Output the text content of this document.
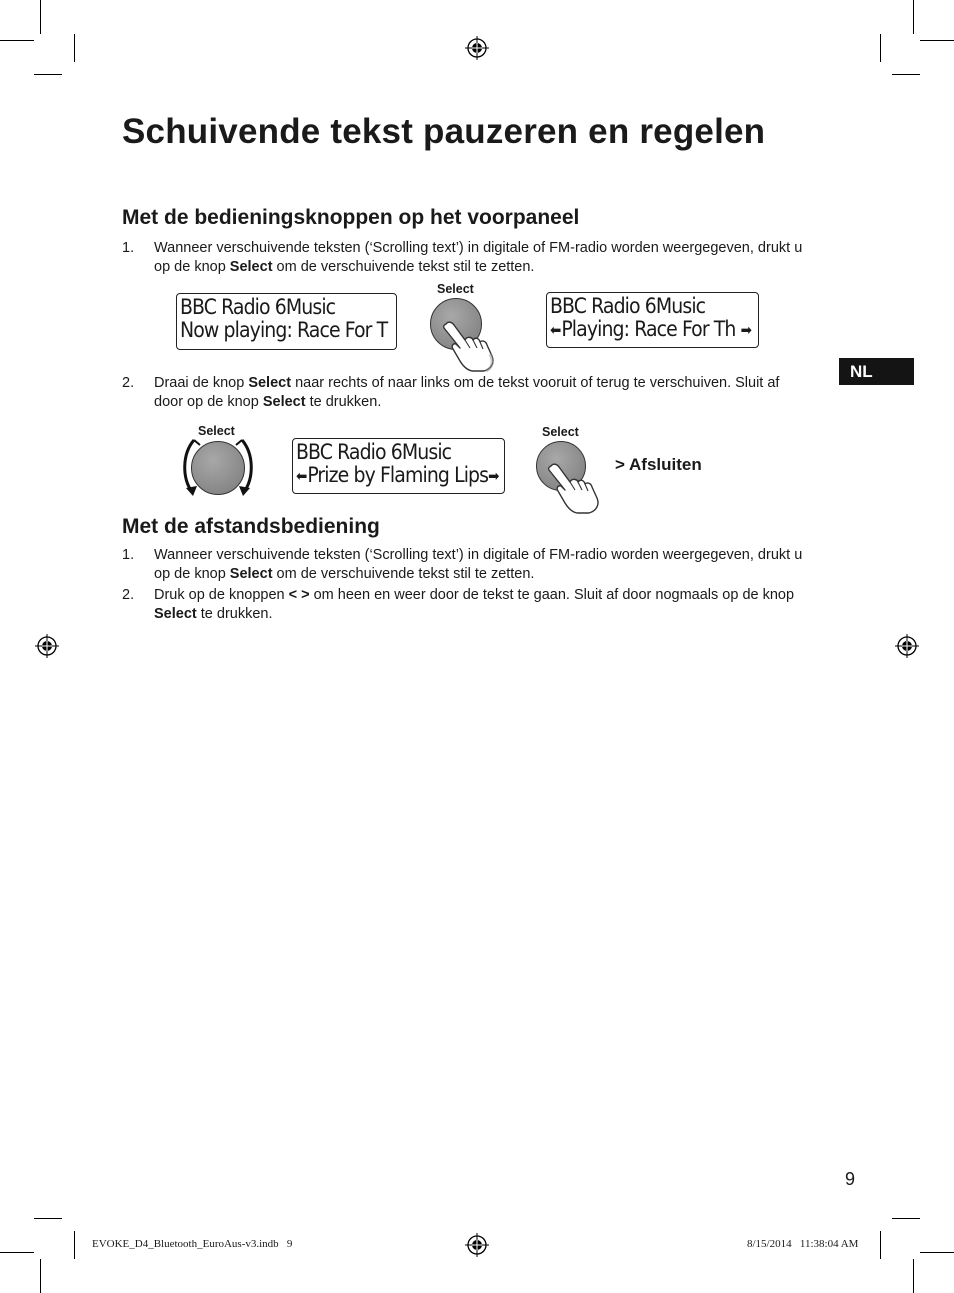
Schuivende tekst pauzeren en regelen
NL
Met de bedieningsknoppen op het voorpaneel
1. Wanneer verschuivende teksten (‘Scrolling text’) in digitale of FM-radio worden weergegeven, drukt u op de knop Select om de verschuivende tekst stil te zetten.
BBC Radio 6Music
Now playing: Race For T
Select
BBC Radio 6Music
⬅Playing: Race For Th ➡
2. Draai de knop Select naar rechts of naar links om de tekst vooruit of terug te verschuiven. Sluit af door op de knop Select te drukken.
Select
BBC Radio 6Music
⬅Prize by Flaming Lips➡
Select
> Afsluiten
Met de afstandsbediening
1. Wanneer verschuivende teksten (‘Scrolling text’) in digitale of FM-radio worden weergegeven, drukt u op de knop Select om de verschuivende tekst stil te zetten.
2. Druk op de knoppen < > om heen en weer door de tekst te gaan. Sluit af door nogmaals op de knop Select te drukken.
9
EVOKE_D4_Bluetooth_EuroAus-v3.indb   9	8/15/2014   11:38:04 AM
